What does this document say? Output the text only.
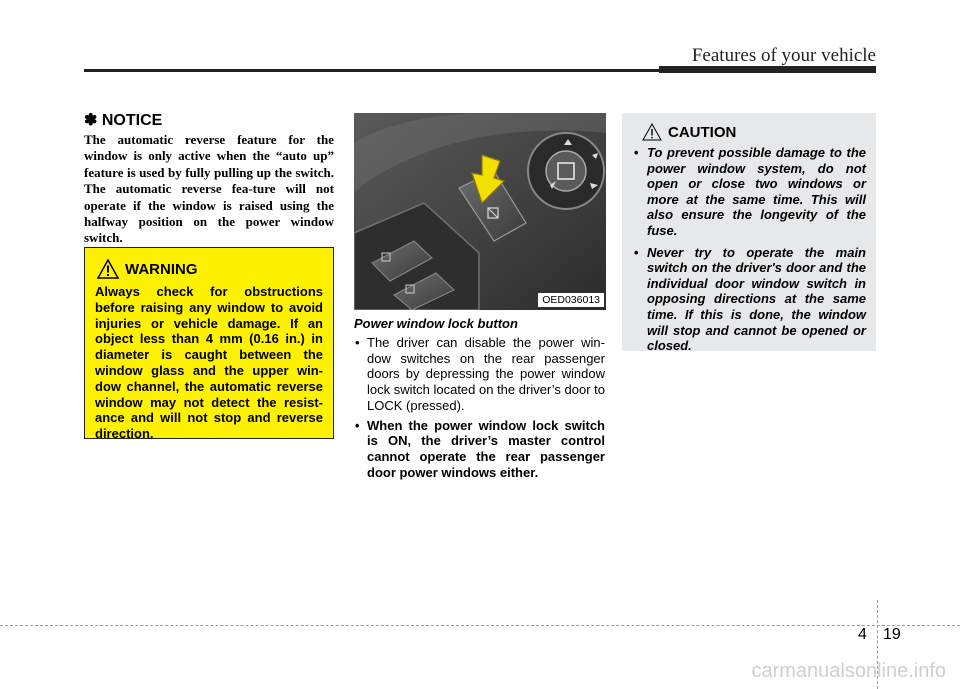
Features of your vehicle
✽ NOTICE

The automatic reverse feature for the window is only active when the “auto up” feature is used by fully pulling up the switch. The automatic reverse fea-ture will not operate if the window is raised using the halfway position on the power window switch.

WARNING

Always check for obstructions before raising any window to avoid injuries or vehicle damage. If an object less than 4 mm (0.16 in.) in diameter is caught between the window glass and the upper win-dow channel, the automatic reverse window may not detect the resist-ance and will not stop and reverse direction.

OED036013
Power window lock button
• The driver can disable the power win-dow switches on the rear passenger doors by depressing the power window lock switch located on the driver’s door to LOCK (pressed).
• When the power window lock switch is ON, the driver’s master control cannot operate the rear passenger door power windows either.
CAUTION
• To prevent possible damage to the power window system, do not open or close two windows or more at the same time. This will also ensure the longevity of the fuse.
• Never try to operate the main switch on the driver's door and the individual door window switch in opposing directions at the same time. If this is done, the window will stop and cannot be opened or closed.
4 19
carmanualsonline.info
